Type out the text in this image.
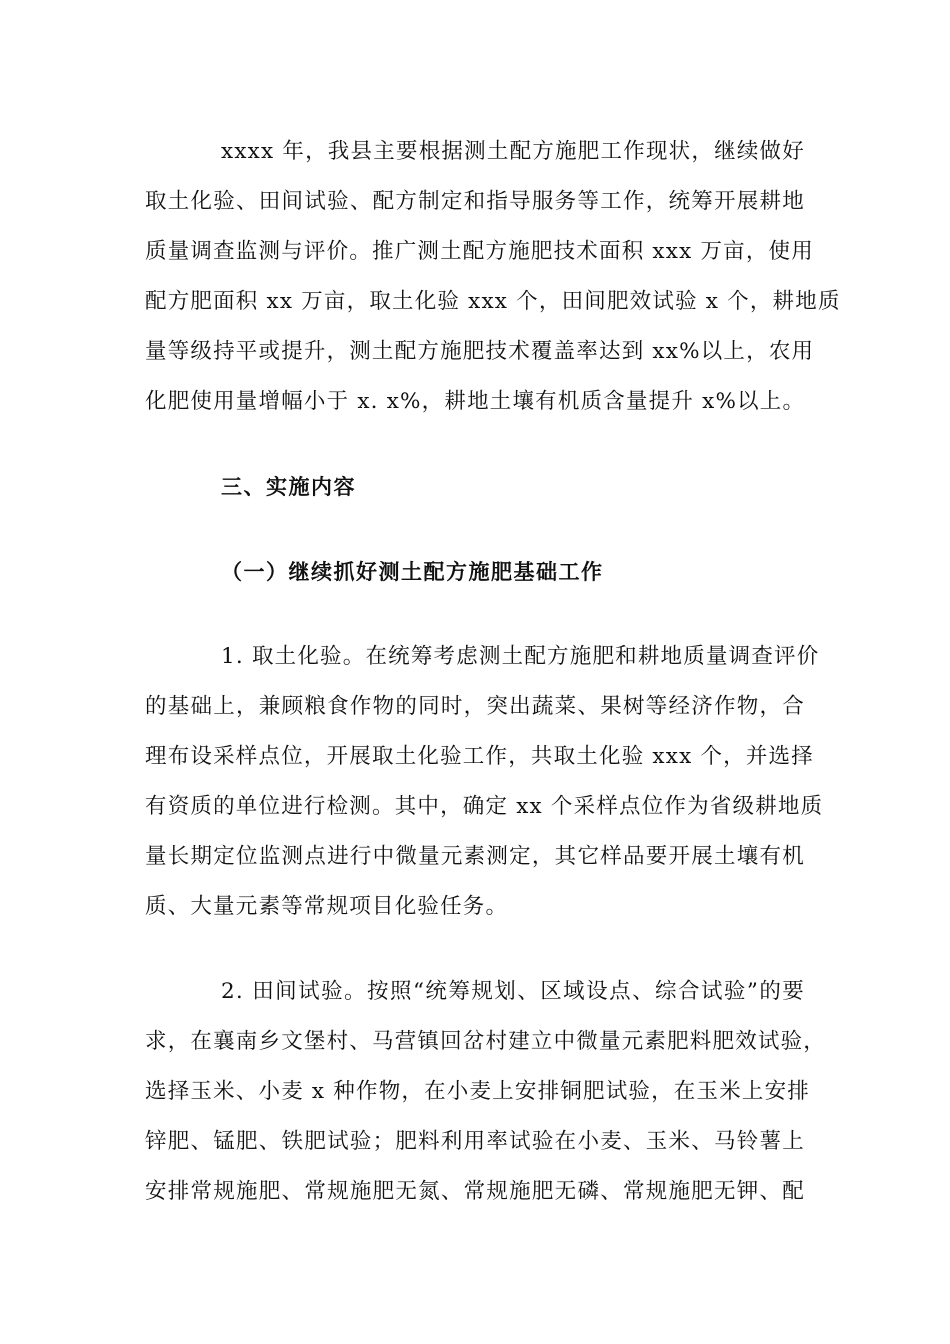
xxxx 年，我县主要根据测土配方施肥工作现状，继续做好
取土化验、田间试验、配方制定和指导服务等工作，统筹开展耕地
质量调查监测与评价。推广测土配方施肥技术面积 xxx 万亩，使用
配方肥面积 xx 万亩，取土化验 xxx 个，田间肥效试验 x 个，耕地质
量等级持平或提升，测土配方施肥技术覆盖率达到 xx%以上，农用
化肥使用量增幅小于 x. x%，耕地土壤有机质含量提升 x%以上。
三、实施内容
（一）继续抓好测土配方施肥基础工作
1. 取土化验。在统筹考虑测土配方施肥和耕地质量调查评价
的基础上，兼顾粮食作物的同时，突出蔬菜、果树等经济作物，合
理布设采样点位，开展取土化验工作，共取土化验 xxx 个，并选择
有资质的单位进行检测。其中，确定 xx 个采样点位作为省级耕地质
量长期定位监测点进行中微量元素测定，其它样品要开展土壤有机
质、大量元素等常规项目化验任务。
2. 田间试验。按照“统筹规划、区域设点、综合试验”的要
求，在襄南乡文堡村、马营镇回岔村建立中微量元素肥料肥效试验，
选择玉米、小麦 x 种作物，在小麦上安排铜肥试验，在玉米上安排
锌肥、锰肥、铁肥试验；肥料利用率试验在小麦、玉米、马铃薯上
安排常规施肥、常规施肥无氮、常规施肥无磷、常规施肥无钾、配
